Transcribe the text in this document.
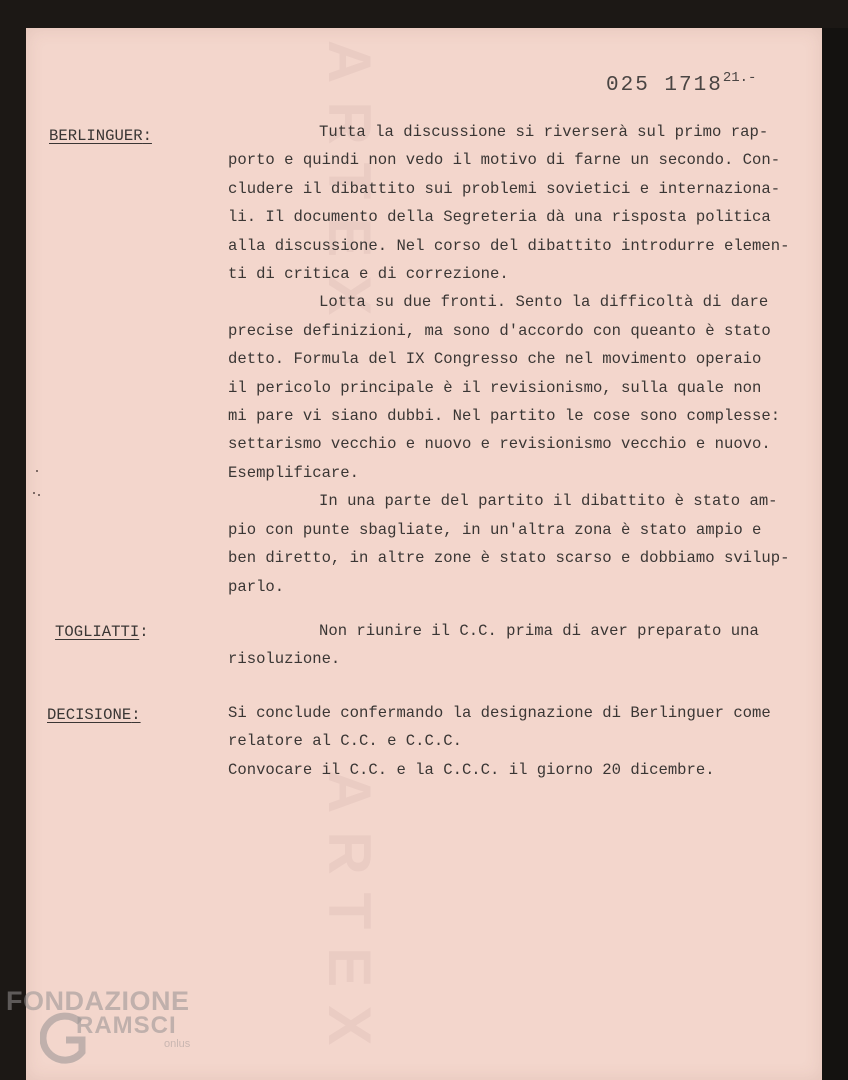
ARTEX
ARTEX
025 $1718^{21.-}$
BERLINGUER:	Tutta la discussione si riverserà sul primo rap-
porto e quindi non vedo il motivo di farne un secondo. Con-
cludere il dibattito sui problemi sovietici e internaziona-
li. Il documento della Segreteria dà una risposta politica
alla discussione. Nel corso del dibattito introdurre elemen-
ti di critica e di correzione.
Lotta su due fronti. Sento la difficoltà di dare
precise definizioni, ma sono d'accordo con queanto è stato
detto. Formula del IX Congresso che nel movimento operaio
il pericolo principale è il revisionismo, sulla quale non
mi pare vi siano dubbi. Nel partito le cose sono complesse:
settarismo vecchio e nuovo e revisionismo vecchio e nuovo.
Esemplificare.
In una parte del partito il dibattito è stato am-
pio con punte sbagliate, in un'altra zona è stato ampio e
ben diretto, in altre zone è stato scarso e dobbiamo svilup-
parlo.
TOGLIATTI:	Non riunire il C.C. prima di aver preparato una
risoluzione.
DECISIONE:	Si conclude confermando la designazione di Berlinguer come
relatore al C.C. e C.C.C.
Convocare il C.C. e la C.C.C. il giorno 20 dicembre.
FONDAZIONE
RAMSCI
onlus
